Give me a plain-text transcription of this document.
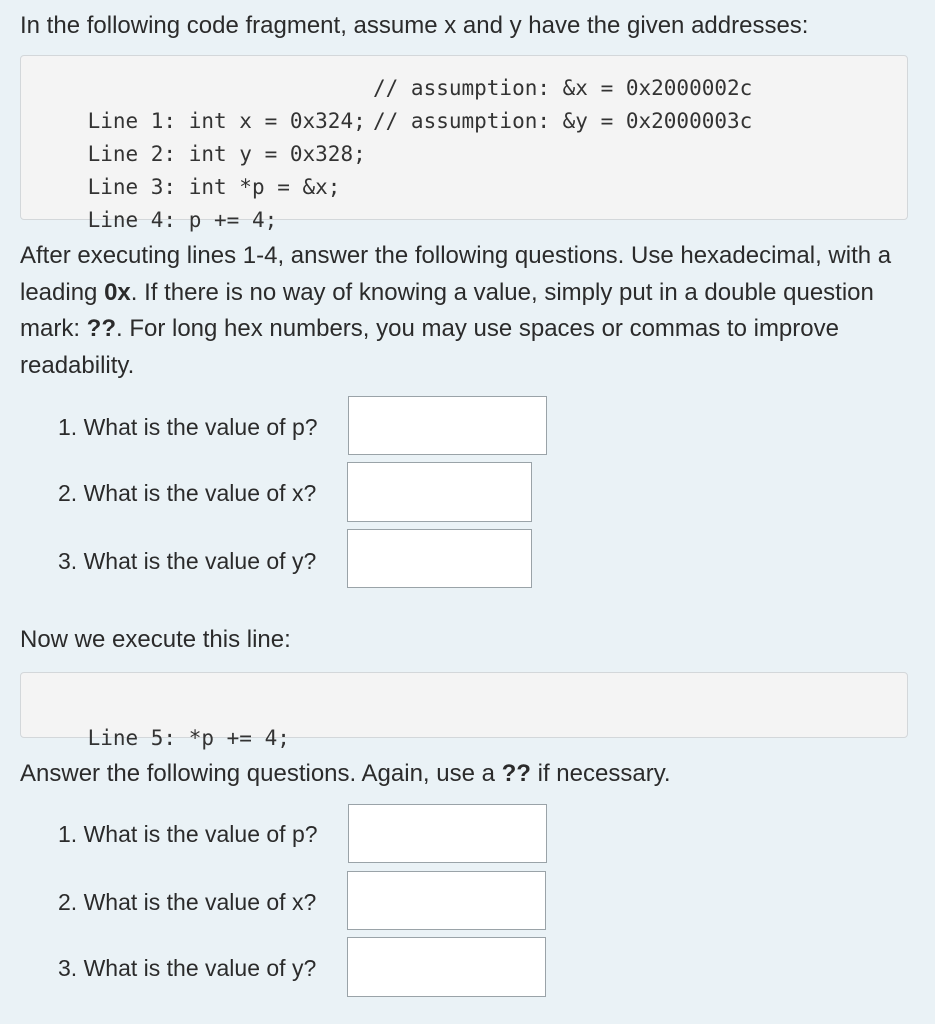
In the following code fragment, assume x and y have the given addresses:

Line 1: int x = 0x324;

// assumption: &x = 0x2000002c

Line 2: int y = 0x328;

// assumption: &y = 0x2000003c

Line 3: int *p = &x;

Line 4: p += 4;

After executing lines 1-4, answer the following questions. Use hexadecimal, with a leading 0x. If there is no way of knowing a value, simply put in a double question mark: ??. For long hex numbers, you may use spaces or commas to improve readability.

1. What is the value of p?
2. What is the value of x?
3. What is the value of y?

Now we execute this line:

Line 5: *p += 4;

Answer the following questions. Again, use a ?? if necessary.

1. What is the value of p?
2. What is the value of x?
3. What is the value of y?
